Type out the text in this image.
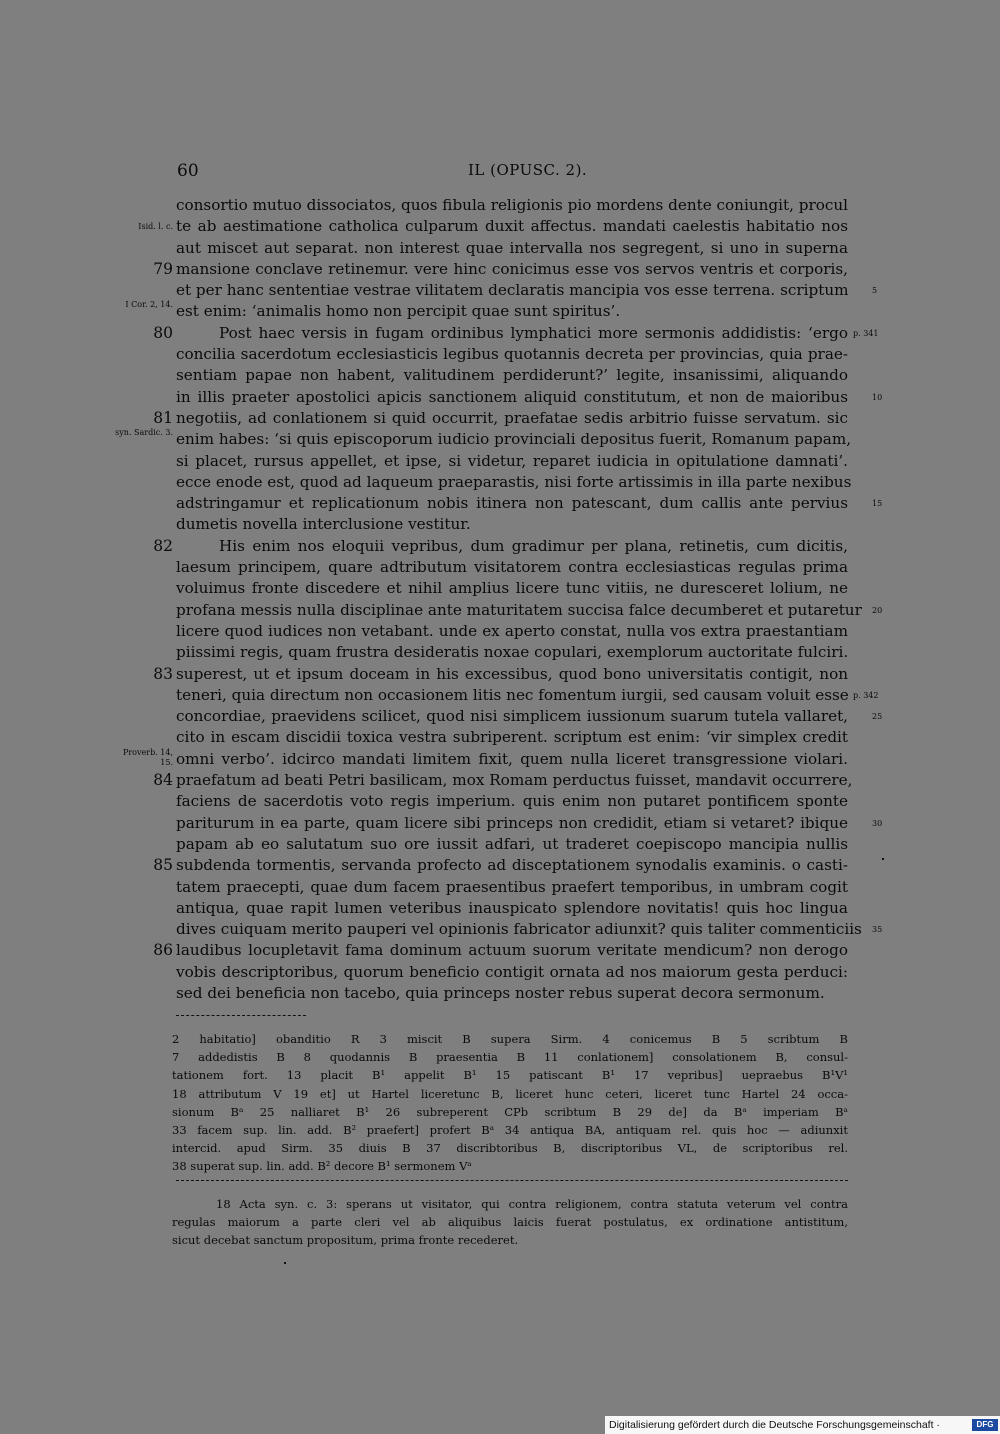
60	IL (OPUSC. 2).
consortio mutuo dissociatos, quos fibula religionis pio mordens dente coniungit, procul
Isid. l. c. te ab aestimatione catholica culparum duxit affectus. mandati caelestis habitatio nos
aut miscet aut separat. non interest quae intervalla nos segregent, si uno in superna
79 mansione conclave retinemur. vere hinc conicimus esse vos servos ventris et corporis,
et per hanc sententiae vestrae vilitatem declaratis mancipia vos esse terrena. scriptum	5
I Cor. 2, 14. est enim: ‘animalis homo non percipit quae sunt spiritus’.
80	Post haec versis in fugam ordinibus lymphatici more sermonis addidistis: ‘ergo p. 341
concilia sacerdotum ecclesiasticis legibus quotannis decreta per provincias, quia prae-
sentiam papae non habent, valitudinem perdiderunt?’ legite, insanissimi, aliquando
in illis praeter apostolici apicis sanctionem aliquid constitutum, et non de maioribus	10
81 negotiis, ad conlationem si quid occurrit, praefatae sedis arbitrio fuisse servatum. sic
syn. Sardic. 3. enim habes: ‘si quis episcoporum iudicio provinciali depositus fuerit, Romanum papam,
si placet, rursus appellet, et ipse, si videtur, reparet iudicia in opitulatione damnati’.
ecce enode est, quod ad laqueum praeparastis, nisi forte artissimis in illa parte nexibus
adstringamur et replicationum nobis itinera non patescant, dum callis ante pervius	15
dumetis novella interclusione vestitur.
82	His enim nos eloquii vepribus, dum gradimur per plana, retinetis, cum dicitis,
laesum principem, quare adtributum visitatorem contra ecclesiasticas regulas prima
voluimus fronte discedere et nihil amplius licere tunc vitiis, ne duresceret lolium, ne
profana messis nulla disciplinae ante maturitatem succisa falce decumberet et putaretur 20
licere quod iudices non vetabant. unde ex aperto constat, nulla vos extra praestantiam
piissimi regis, quam frustra desideratis noxae copulari, exemplorum auctoritate fulciri.
83 superest, ut et ipsum doceam in his excessibus, quod bono universitatis contigit, non
teneri, quia directum non occasionem litis nec fomentum iurgii, sed causam voluit esse p. 342
concordiae, praevidens scilicet, quod nisi simplicem iussionum suarum tutela vallaret,	25
cito in escam discidii toxica vestra subriperent. scriptum est enim: ‘vir simplex credit
Proverb. 14, 15. omni verbo’. idcirco mandati limitem fixit, quem nulla liceret transgressione violari.
84 praefatum ad beati Petri basilicam, mox Romam perductus fuisset, mandavit occurrere,
faciens de sacerdotis voto regis imperium. quis enim non putaret pontificem sponte
pariturum in ea parte, quam licere sibi princeps non credidit, etiam si vetaret? ibique	30
papam ab eo salutatum suo ore iussit adfari, ut traderet coepiscopo mancipia nullis
85 subdenda tormentis, servanda profecto ad disceptationem synodalis examinis. o casti-
tatem praecepti, quae dum facem praesentibus praefert temporibus, in umbram cogit
antiqua, quae rapit lumen veteribus inauspicato splendore novitatis! quis hoc lingua
dives cuiquam merito pauperi vel opinionis fabricator adiunxit? quis taliter commenticiis 35
86 laudibus locupletavit fama dominum actuum suorum veritate mendicum? non derogo
vobis descriptoribus, quorum beneficio contigit ornata ad nos maiorum gesta perduci:
sed dei beneficia non tacebo, quia princeps noster rebus superat decora sermonum.
2 habitatio] obanditio R 3 miscit B supera Sirm. 4 conicemus B 5 scribtum B
7 addedistis B 8 quodannis B praesentia B 11 conlationem] consolationem B, consul-
tationem fort. 13 placit B¹ appelit B¹ 15 patiscant B¹ 17 vepribus] uepraebus B¹V¹
18 attributum V 19 et] ut Hartel liceretunc B, liceret hunc ceteri, liceret tunc Hartel 24 occa-
sionum Bᵃ 25 nalliaret B¹ 26 subreperent CPb scribtum B 29 de] da Bᵃ imperiam Bᵃ
33 facem sup. lin. add. B² praefert] profert Bᵃ 34 antiqua BA, antiquam rel. quis hoc — adiunxit
intercid. apud Sirm. 35 diuis B 37 discribtoribus B, discriptoribus VL, de scriptoribus rel.
38 superat sup. lin. add. B² decore B¹ sermonem Vᵃ
18 Acta syn. c. 3: sperans ut visitator, qui contra religionem, contra statuta veterum vel contra
regulas maiorum a parte cleri vel ab aliquibus laicis fuerat postulatus, ex ordinatione antistitum,
sicut decebat sanctum propositum, prima fronte recederet.
Digitalisierung gefördert durch die Deutsche Forschungsgemeinschaft ·	DFG
